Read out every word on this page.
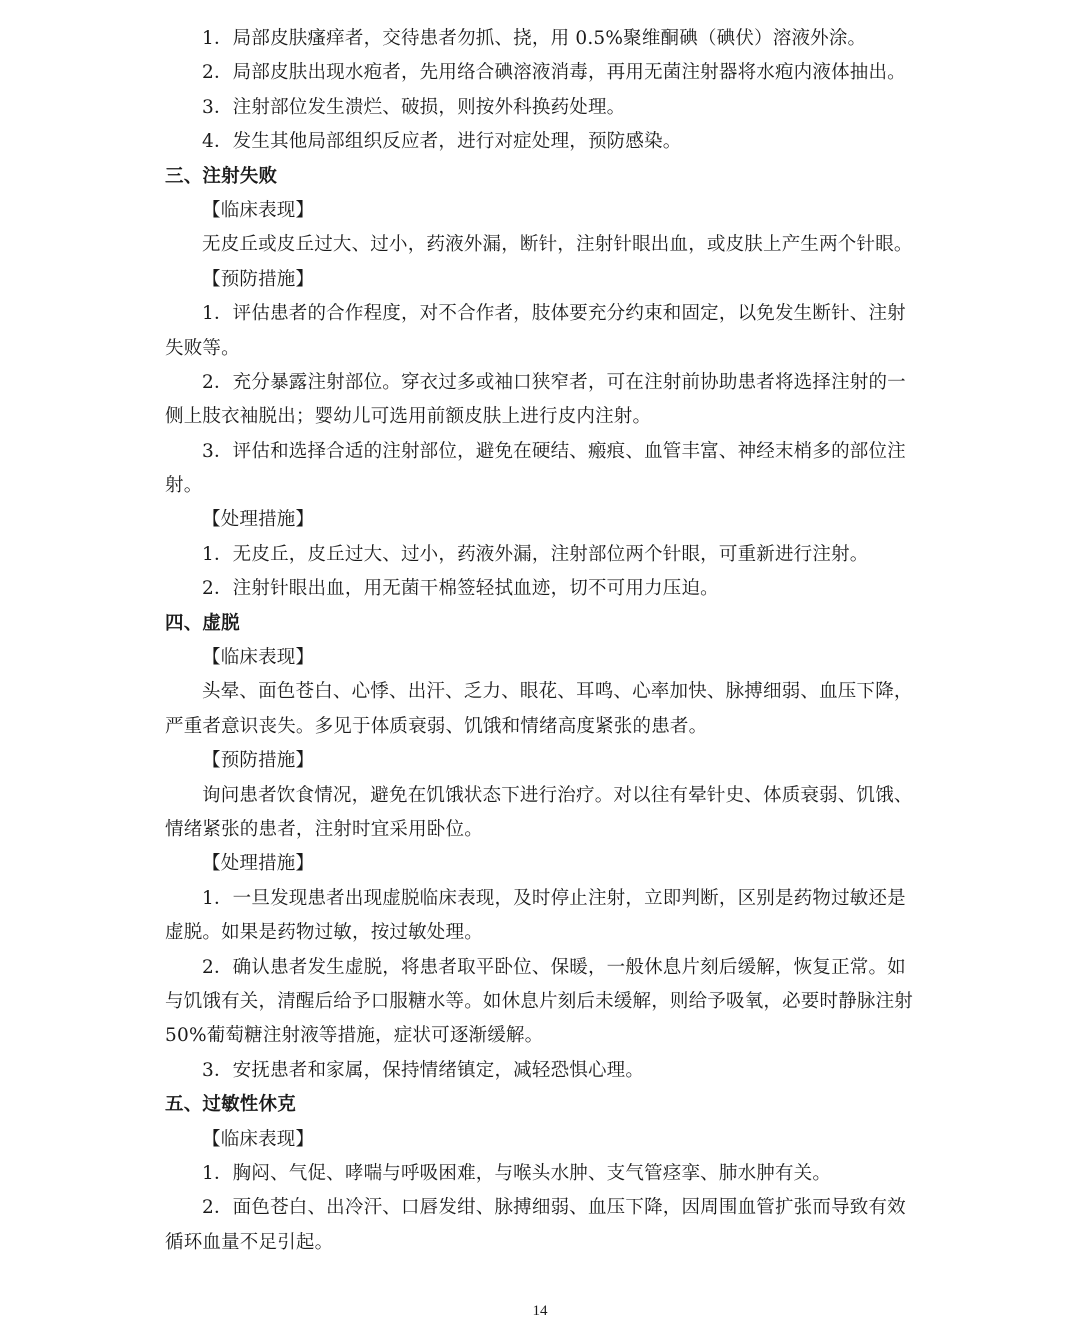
1．局部皮肤瘙痒者，交待患者勿抓、挠，用 0.5%聚维酮碘（碘伏）溶液外涂。
2．局部皮肤出现水疱者，先用络合碘溶液消毒，再用无菌注射器将水疱内液体抽出。
3．注射部位发生溃烂、破损，则按外科换药处理。
4．发生其他局部组织反应者，进行对症处理，预防感染。
三、注射失败
【临床表现】
无皮丘或皮丘过大、过小，药液外漏，断针，注射针眼出血，或皮肤上产生两个针眼。
【预防措施】
1．评估患者的合作程度，对不合作者，肢体要充分约束和固定，以免发生断针、注射
失败等。
2．充分暴露注射部位。穿衣过多或袖口狭窄者，可在注射前协助患者将选择注射的一
侧上肢衣袖脱出；婴幼儿可选用前额皮肤上进行皮内注射。
3．评估和选择合适的注射部位，避免在硬结、瘢痕、血管丰富、神经末梢多的部位注
射。
【处理措施】
1．无皮丘，皮丘过大、过小，药液外漏，注射部位两个针眼，可重新进行注射。
2．注射针眼出血，用无菌干棉签轻拭血迹，切不可用力压迫。
四、虚脱
【临床表现】
头晕、面色苍白、心悸、出汗、乏力、眼花、耳鸣、心率加快、脉搏细弱、血压下降，
严重者意识丧失。多见于体质衰弱、饥饿和情绪高度紧张的患者。
【预防措施】
询问患者饮食情况，避免在饥饿状态下进行治疗。对以往有晕针史、体质衰弱、饥饿、
情绪紧张的患者，注射时宜采用卧位。
【处理措施】
1．一旦发现患者出现虚脱临床表现，及时停止注射，立即判断，区别是药物过敏还是
虚脱。如果是药物过敏，按过敏处理。
2．确认患者发生虚脱，将患者取平卧位、保暖，一般休息片刻后缓解，恢复正常。如
与饥饿有关，清醒后给予口服糖水等。如休息片刻后未缓解，则给予吸氧，必要时静脉注射
50%葡萄糖注射液等措施，症状可逐渐缓解。
3．安抚患者和家属，保持情绪镇定，减轻恐惧心理。
五、过敏性休克
【临床表现】
1．胸闷、气促、哮喘与呼吸困难，与喉头水肿、支气管痉挛、肺水肿有关。
2．面色苍白、出冷汗、口唇发绀、脉搏细弱、血压下降，因周围血管扩张而导致有效
循环血量不足引起。
14
